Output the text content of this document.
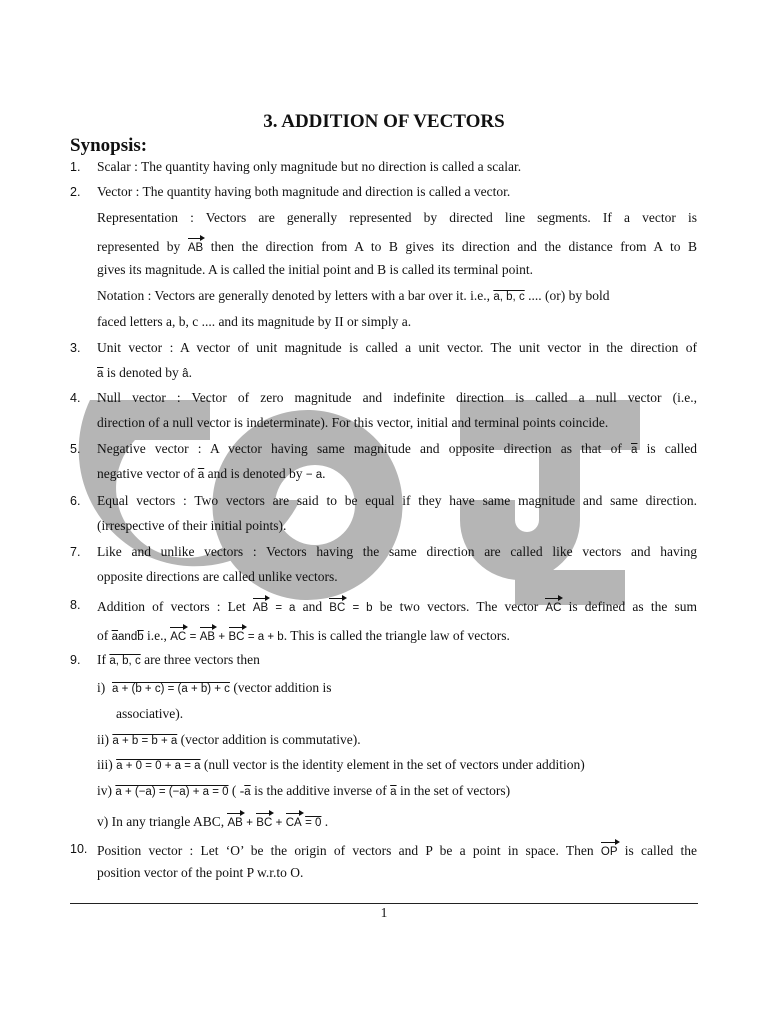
3. ADDITION OF VECTORS
Synopsis:
1. Scalar : The quantity having only magnitude but no direction is called a scalar.
2. Vector : The quantity having both magnitude and direction is called a vector.
Representation : Vectors are generally represented by directed line segments. If a vector is
represented by AB then the direction from A to B gives its direction and the distance from A to B
gives its magnitude. A is called the initial point and B is called its terminal point.
Notation : Vectors are generally denoted by letters with a bar over it. i.e., a, b, c .... (or) by bold
faced letters a, b, c .... and its magnitude by II or simply a.
3. Unit vector : A vector of unit magnitude is called a unit vector. The unit vector in the direction of
$\overline{a}$ is denoted by â.
4. Null vector : Vector of zero magnitude and indefinite direction is called a null vector (i.e.,
direction of a null vector is indeterminate). For this vector, initial and terminal points coincide.
5. Negative vector : A vector having same magnitude and opposite direction as that of $\overline{a}$ is called
negative vector of $\overline{a}$ and is denoted by − a.
6. Equal vectors : Two vectors are said to be equal if they have same magnitude and same direction.
(irrespective of their initial points).
7. Like and unlike vectors : Vectors having the same direction are called like vectors and having
opposite directions are called unlike vectors.
8. Addition of vectors : Let AB = a and BC = b be two vectors. The vector AC is defined as the sum
of $\overline{a}and\overline{b}$ i.e., AC = AB + BC = a + b. This is called the triangle law of vectors.
9. If a, b, c are three vectors then
i) a + (b + c) = (a + b) + c (vector addition is
associative).
ii) a + b = b + a (vector addition is commutative).
iii) a + 0 = 0 + a = a (null vector is the identity element in the set of vectors under addition)
iv) a + (−a) = (−a) + a = 0 ( $-\overline{a}$ is the additive inverse of $\overline{a}$ in the set of vectors)
v) In any triangle ABC, AB + BC + CA = 0 .
10. Position vector : Let ‘O’ be the origin of vectors and P be a point in space. Then OP is called the
position vector of the point P w.r.to O.
1
